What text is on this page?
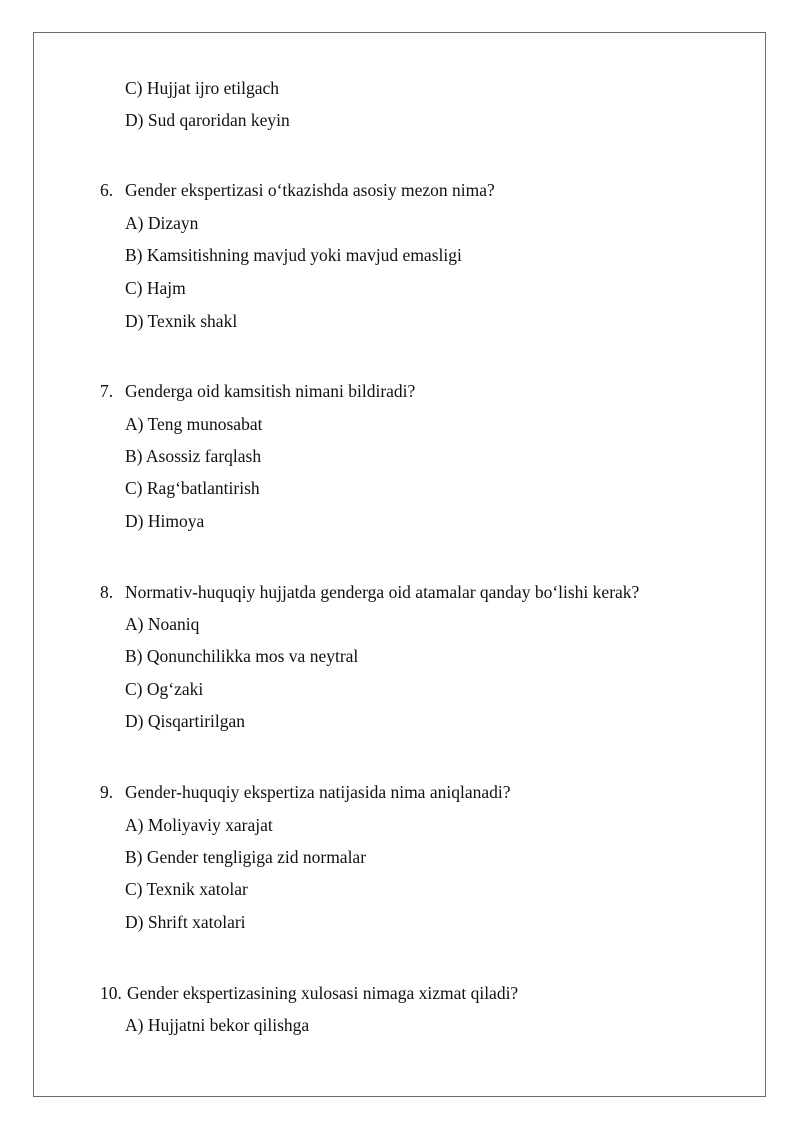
C) Hujjat ijro etilgach
D) Sud qaroridan keyin
6. Gender ekspertizasi o‘tkazishda asosiy mezon nima?
A) Dizayn
B) Kamsitishning mavjud yoki mavjud emasligi
C) Hajm
D) Texnik shakl
7. Genderga oid kamsitish nimani bildiradi?
A) Teng munosabat
B) Asossiz farqlash
C) Rag‘batlantirish
D) Himoya
8. Normativ-huquqiy hujjatda genderga oid atamalar qanday bo‘lishi kerak?
A) Noaniq
B) Qonunchilikka mos va neytral
C) Og‘zaki
D) Qisqartirilgan
9. Gender-huquqiy ekspertiza natijasida nima aniqlanadi?
A) Moliyaviy xarajat
B) Gender tengligiga zid normalar
C) Texnik xatolar
D) Shrift xatolari
10. Gender ekspertizasining xulosasi nimaga xizmat qiladi?
A) Hujjatni bekor qilishga
